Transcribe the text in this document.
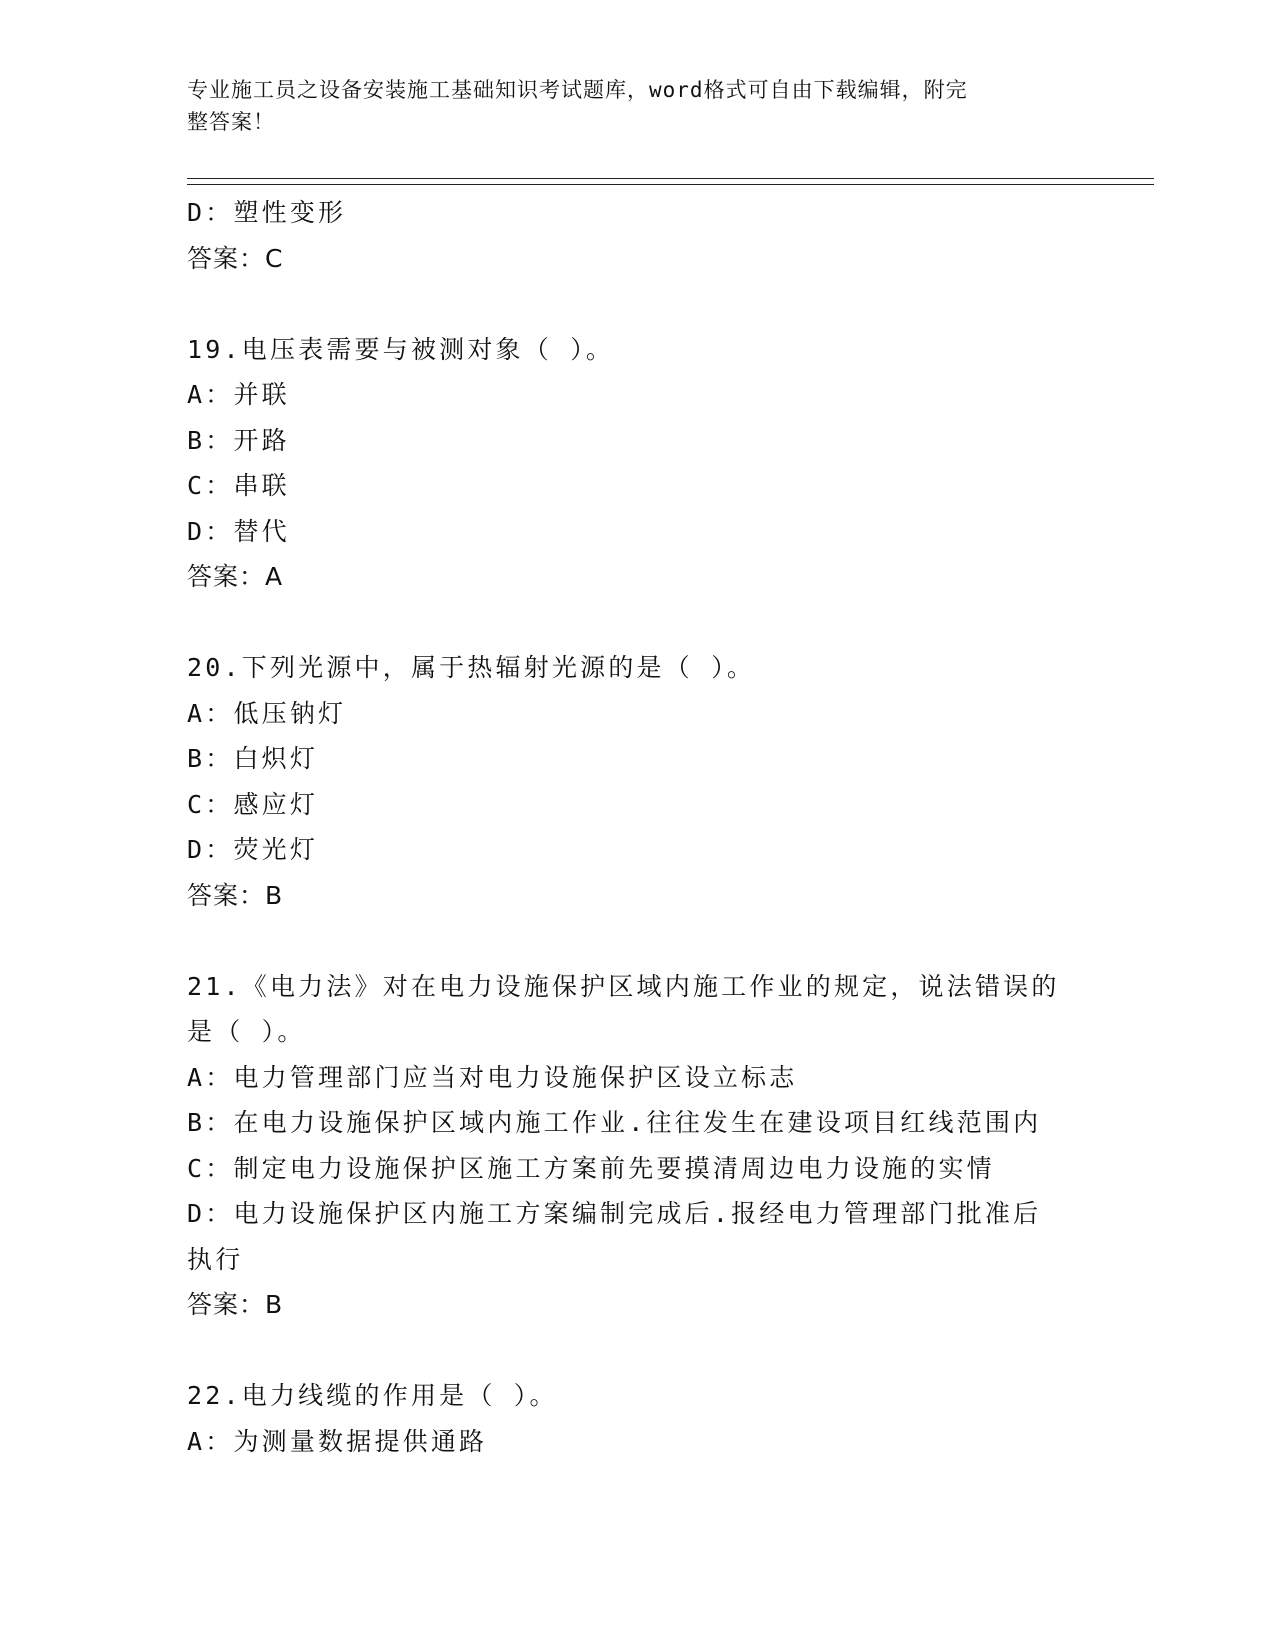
专业施工员之设备安装施工基础知识考试题库，word格式可自由下载编辑，附完
整答案！
D：塑性变形
答案：C
19.电压表需要与被测对象（ ）。
A：并联
B：开路
C：串联
D：替代
答案：A
20.下列光源中，属于热辐射光源的是（ ）。
A：低压钠灯
B：白炽灯
C：感应灯
D：荧光灯
答案：B
21.《电力法》对在电力设施保护区域内施工作业的规定，说法错误的
是（ ）。
A：电力管理部门应当对电力设施保护区设立标志
B：在电力设施保护区域内施工作业.往往发生在建设项目红线范围内
C：制定电力设施保护区施工方案前先要摸清周边电力设施的实情
D：电力设施保护区内施工方案编制完成后.报经电力管理部门批准后
执行
答案：B
22.电力线缆的作用是（ ）。
A：为测量数据提供通路
